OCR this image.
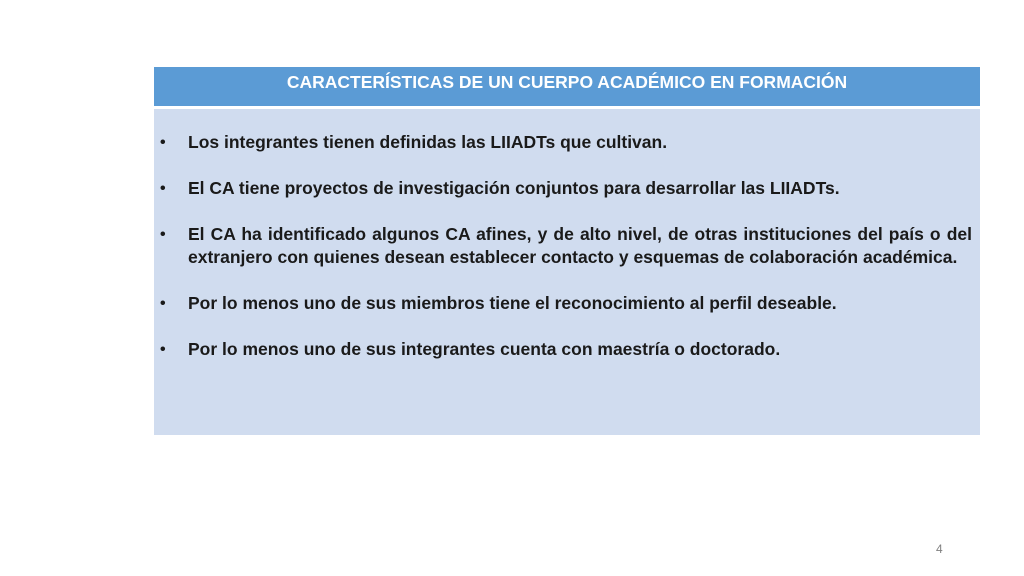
CARACTERÍSTICAS DE UN CUERPO ACADÉMICO EN FORMACIÓN
• Los integrantes tienen definidas las LIIADTs que cultivan.
• El CA tiene proyectos de investigación conjuntos para desarrollar las LIIADTs.
• El CA ha identificado algunos CA afines, y de alto nivel, de otras instituciones del país o del extranjero con quienes desean establecer contacto y esquemas de colaboración académica.
• Por lo menos uno de sus miembros tiene el reconocimiento al perfil deseable.
• Por lo menos uno de sus integrantes cuenta con maestría o doctorado.
4
